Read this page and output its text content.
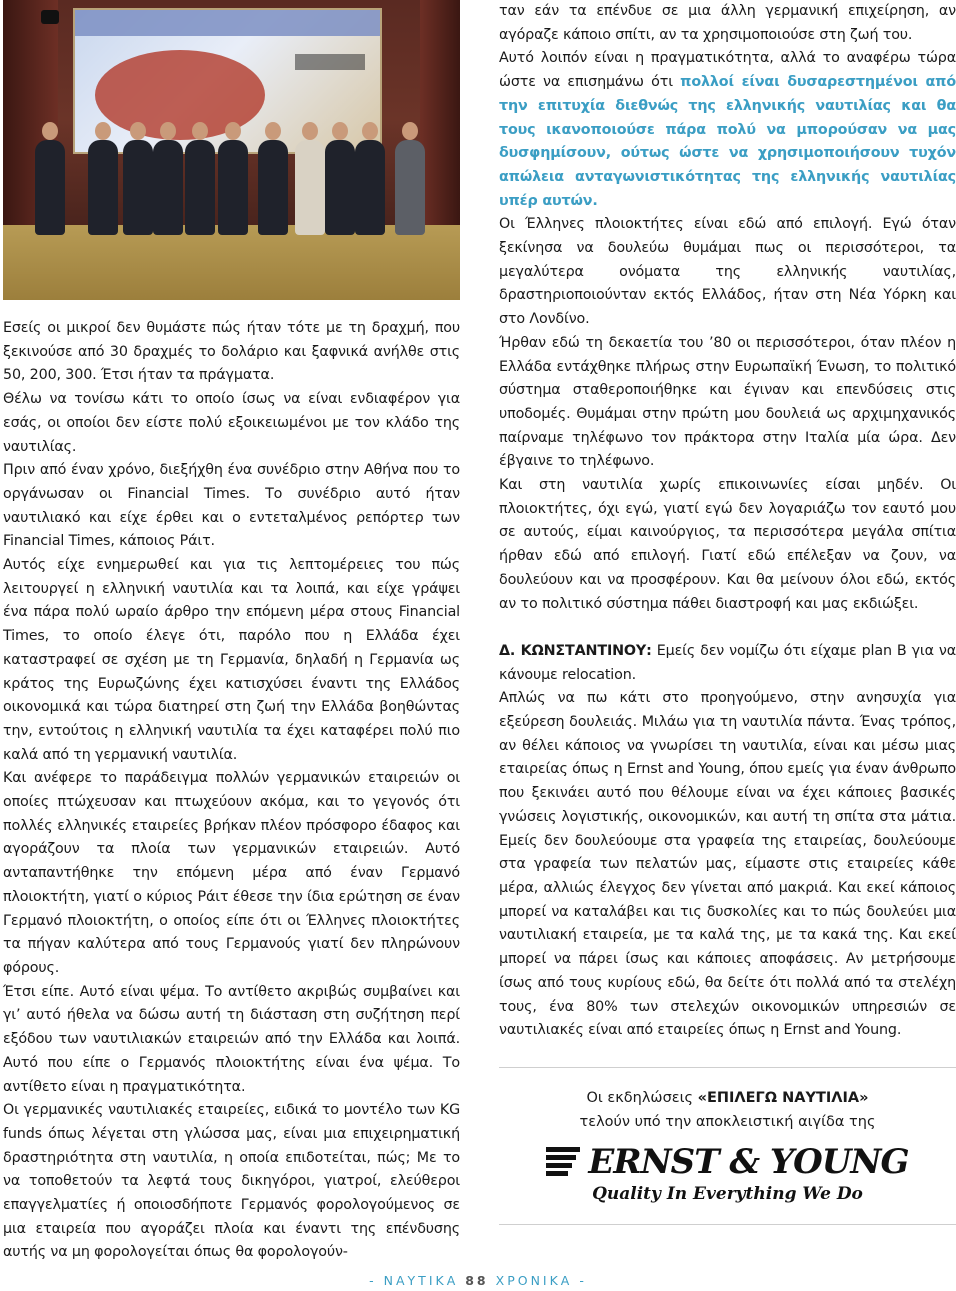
Εσείς οι μικροί δεν θυμάστε πώς ήταν τότε με τη δραχμή, που ξεκινούσε από 30 δραχμές το δολάριο και ξαφνικά ανήλθε στις 50, 200, 300. Έτσι ήταν τα πράγματα.

Θέλω να τονίσω κάτι το οποίο ίσως να είναι ενδιαφέρον για εσάς, οι οποίοι δεν είστε πολύ εξοικειωμένοι με τον κλάδο της ναυτιλίας.

Πριν από έναν χρόνο, διεξήχθη ένα συνέδριο στην Αθήνα που το οργάνωσαν οι Financial Times. Το συνέδριο αυτό ήταν ναυτιλιακό και είχε έρθει και ο εντεταλμένος ρεπόρτερ των Financial Times, κάποιος Ράιτ.

Αυτός είχε ενημερωθεί και για τις λεπτομέρειες του πώς λειτουργεί η ελληνική ναυτιλία και τα λοιπά, και είχε γράψει ένα πάρα πολύ ωραίο άρθρο την επόμενη μέρα στους Financial Times, το οποίο έλεγε ότι, παρόλο που η Ελλάδα έχει καταστραφεί σε σχέση με τη Γερμανία, δηλαδή η Γερμανία ως κράτος της Ευρωζώνης έχει κατισχύσει έναντι της Ελλάδος οικονομικά και τώρα διατηρεί στη ζωή την Ελλάδα βοηθώντας την, εντούτοις η ελληνική ναυτιλία τα έχει καταφέρει πολύ πιο καλά από τη γερμανική ναυτιλία.

Και ανέφερε το παράδειγμα πολλών γερμανικών εταιρειών οι οποίες πτώχευσαν και πτωχεύουν ακόμα, και το γεγονός ότι πολλές ελληνικές εταιρείες βρήκαν πλέον πρόσφορο έδαφος και αγοράζουν τα πλοία των γερμανικών εταιρειών. Αυτό ανταπαντήθηκε την επόμενη μέρα από έναν Γερμανό πλοιοκτήτη, γιατί ο κύριος Ράιτ έθεσε την ίδια ερώτηση σε έναν Γερμανό πλοιοκτήτη, ο οποίος είπε ότι οι Έλληνες πλοιοκτήτες τα πήγαν καλύτερα από τους Γερμανούς γιατί δεν πληρώνουν φόρους.

Έτσι είπε. Αυτό είναι ψέμα. Το αντίθετο ακριβώς συμβαίνει και γι’ αυτό ήθελα να δώσω αυτή τη διάσταση στη συζήτηση περί εξόδου των ναυτιλιακών εταιρειών από την Ελλάδα και λοιπά. Αυτό που είπε ο Γερμανός πλοιοκτήτης είναι ένα ψέμα. Το αντίθετο είναι η πραγματικότητα.

Οι γερμανικές ναυτιλιακές εταιρείες, ειδικά το μοντέλο των KG funds όπως λέγεται στη γλώσσα μας, είναι μια επιχειρηματική δραστηριότητα στη ναυτιλία, η οποία επιδοτείται, πώς; Με το να τοποθετούν τα λεφτά τους δικηγόροι, γιατροί, ελεύθεροι επαγγελματίες ή οποιοσδήποτε Γερμανός φορολογούμενος σε μια εταιρεία που αγοράζει πλοία και έναντι της επένδυσης αυτής να μη φορολογείται όπως θα φορολογούν-

ταν εάν τα επένδυε σε μια άλλη γερμανική επιχείρηση, αν αγόραζε κάποιο σπίτι, αν τα χρησιμοποιούσε στη ζωή του.

Αυτό λοιπόν είναι η πραγματικότητα, αλλά το αναφέρω τώρα ώστε να επισημάνω ότι πολλοί είναι δυσαρεστημένοι από την επιτυχία διεθνώς της ελληνικής ναυτιλίας και θα τους ικανοποιούσε πάρα πολύ να μπορούσαν να μας δυσφημίσουν, ούτως ώστε να χρησιμοποιήσουν τυχόν απώλεια ανταγωνιστικότητας της ελληνικής ναυτιλίας υπέρ αυτών.

Οι Έλληνες πλοιοκτήτες είναι εδώ από επιλογή. Εγώ όταν ξεκίνησα να δουλεύω θυμάμαι πως οι περισσότεροι, τα μεγαλύτερα ονόματα της ελληνικής ναυτιλίας, δραστηριοποιούνταν εκτός Ελλάδος, ήταν στη Νέα Υόρκη και στο Λονδίνο.

Ήρθαν εδώ τη δεκαετία του ’80 οι περισσότεροι, όταν πλέον η Ελλάδα εντάχθηκε πλήρως στην Ευρωπαϊκή Ένωση, το πολιτικό σύστημα σταθεροποιήθηκε και έγιναν και επενδύσεις στις υποδομές. Θυμάμαι στην πρώτη μου δουλειά ως αρχιμηχανικός παίρναμε τηλέφωνο τον πράκτορα στην Ιταλία μία ώρα. Δεν έβγαινε το τηλέφωνο.

Και στη ναυτιλία χωρίς επικοινωνίες είσαι μηδέν. Οι πλοιοκτήτες, όχι εγώ, γιατί εγώ δεν λογαριάζω τον εαυτό μου σε αυτούς, είμαι καινούργιος, τα περισσότερα μεγάλα σπίτια ήρθαν εδώ από επιλογή. Γιατί εδώ επέλεξαν να ζουν, να δουλεύουν και να προσφέρουν. Και θα μείνουν όλοι εδώ, εκτός αν το πολιτικό σύστημα πάθει διαστροφή και μας εκδιώξει.

Δ. ΚΩΝΣΤΑΝΤΙΝΟΥ: Εμείς δεν νομίζω ότι είχαμε plan B για να κάνουμε relocation.

Απλώς να πω κάτι στο προηγούμενο, στην ανησυχία για εξεύρεση δουλειάς. Μιλάω για τη ναυτιλία πάντα. Ένας τρόπος, αν θέλει κάποιος να γνωρίσει τη ναυτιλία, είναι και μέσω μιας εταιρείας όπως η Ernst and Young, όπου εμείς για έναν άνθρωπο που ξεκινάει αυτό που θέλουμε είναι να έχει κάποιες βασικές γνώσεις λογιστικής, οικονομικών, και αυτή τη σπίτα στα μάτια. Εμείς δεν δουλεύουμε στα γραφεία της εταιρείας, δουλεύουμε στα γραφεία των πελατών μας, είμαστε στις εταιρείες κάθε μέρα, αλλιώς έλεγχος δεν γίνεται από μακριά. Και εκεί κάποιος μπορεί να καταλάβει και τις δυσκολίες και το πώς δουλεύει μια ναυτιλιακή εταιρεία, με τα καλά της, με τα κακά της. Και εκεί μπορεί να πάρει ίσως και κάποιες αποφάσεις. Αν μετρήσουμε ίσως από τους κυρίους εδώ, θα δείτε ότι πολλά από τα στελέχη τους, ένα 80% των στελεχών οικονομικών υπηρεσιών σε ναυτιλιακές είναι από εταιρείες όπως η Ernst and Young.

Οι εκδηλώσεις «ΕΠΙΛΕΓΩ ΝΑΥΤΙΛΙΑ»
τελούν υπό την αποκλειστική αιγίδα της
ERNST & YOUNG
Quality In Everything We Do
- ΝΑΥΤΙΚΑ 88 ΧΡΟΝΙΚΑ -
